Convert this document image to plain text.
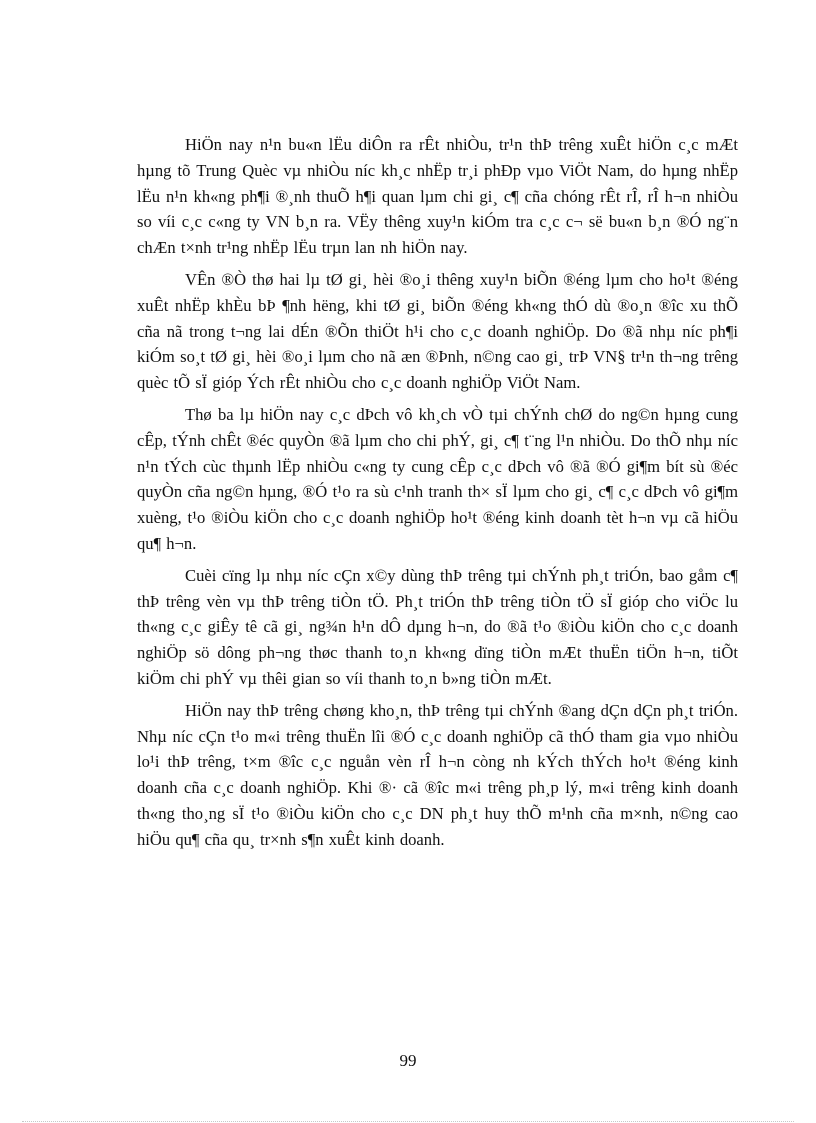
HiÖn nay n¹n bu«n lËu diÔn ra rÊt nhiÒu, tr¹n thÞ trêng xuÊt hiÖn c¸c mÆt hµng tõ Trung Quèc vµ nhiÒu níc kh¸c nhËp tr¸i phÐp vµo ViÖt Nam, do hµng nhËp lËu n¹n kh«ng ph¶i ®¸nh thuÕ h¶i quan lµm chi gi¸ c¶ cña chóng rÊt rÎ, rÎ h¬n nhiÒu so víi c¸c c«ng ty VN b¸n ra. VËy thêng xuy¹n kiÓm tra c¸c c¬ së bu«n b¸n ®Ó ng¨n chÆn t×nh tr¹ng nhËp lËu trµn lan nh hiÖn nay.

VÊn ®Ò thø hai lµ tØ gi¸ hèi ®o¸i thêng xuy¹n biÕn ®éng lµm cho ho¹t ®éng xuÊt nhËp khÈu bÞ ¶nh hëng, khi tØ gi¸ biÕn ®éng kh«ng thÓ dù ®o¸n ®îc xu thÕ cña nã trong t¬ng lai dÉn ®Õn thiÖt h¹i cho c¸c doanh nghiÖp. Do ®ã nhµ níc ph¶i kiÓm so¸t tØ gi¸ hèi ®o¸i lµm cho nã æn ®Þnh, n©ng cao gi¸ trÞ VN§ tr¹n th¬ng trêng quèc tÕ sÏ gióp Ých rÊt nhiÒu cho c¸c doanh nghiÖp ViÖt Nam.

Thø ba lµ hiÖn nay c¸c dÞch vô kh¸ch vÒ tµi chÝnh chØ do ng©n hµng cung cÊp, tÝnh chÊt ®éc quyÒn ®ã lµm cho chi phÝ, gi¸ c¶ t¨ng l¹n nhiÒu. Do thÕ nhµ níc n¹n tÝch cùc thµnh lËp nhiÒu c«ng ty cung cÊp c¸c dÞch vô ®ã ®Ó gi¶m bít sù ®éc quyÒn cña ng©n hµng, ®Ó t¹o ra sù c¹nh tranh th× sÏ lµm cho gi¸ c¶ c¸c dÞch vô gi¶m xuèng, t¹o ®iÒu kiÖn cho c¸c doanh nghiÖp ho¹t ®éng kinh doanh tèt h¬n vµ cã hiÖu qu¶ h¬n.

Cuèi cïng lµ nhµ níc cÇn x©y dùng thÞ trêng tµi chÝnh ph¸t triÓn, bao gåm c¶ thÞ trêng vèn vµ thÞ trêng tiÒn tÖ. Ph¸t triÓn thÞ trêng tiÒn tÖ sÏ gióp cho viÖc lu th«ng c¸c giÊy tê cã gi¸ ng¾n h¹n dÔ dµng h¬n, do ®ã t¹o ®iÒu kiÖn cho c¸c doanh nghiÖp sö dông ph¬ng thøc thanh to¸n kh«ng dïng tiÒn mÆt thuËn tiÖn h¬n, tiÕt kiÖm chi phÝ vµ thêi gian so víi thanh to¸n b»ng tiÒn mÆt.

HiÖn nay thÞ trêng chøng kho¸n, thÞ trêng tµi chÝnh ®ang dÇn dÇn ph¸t triÓn. Nhµ níc cÇn t¹o m«i trêng thuËn lîi ®Ó c¸c doanh nghiÖp cã thÓ tham gia vµo nhiÒu lo¹i thÞ trêng, t×m ®îc c¸c nguån vèn rÎ h¬n còng nh kÝch thÝch ho¹t ®éng kinh doanh cña c¸c doanh nghiÖp. Khi ®· cã ®îc m«i trêng ph¸p lý, m«i trêng kinh doanh th«ng tho¸ng sÏ t¹o ®iÒu kiÖn cho c¸c DN ph¸t huy thÕ m¹nh cña m×nh, n©ng cao hiÖu qu¶ cña qu¸ tr×nh s¶n xuÊt kinh doanh.

99
